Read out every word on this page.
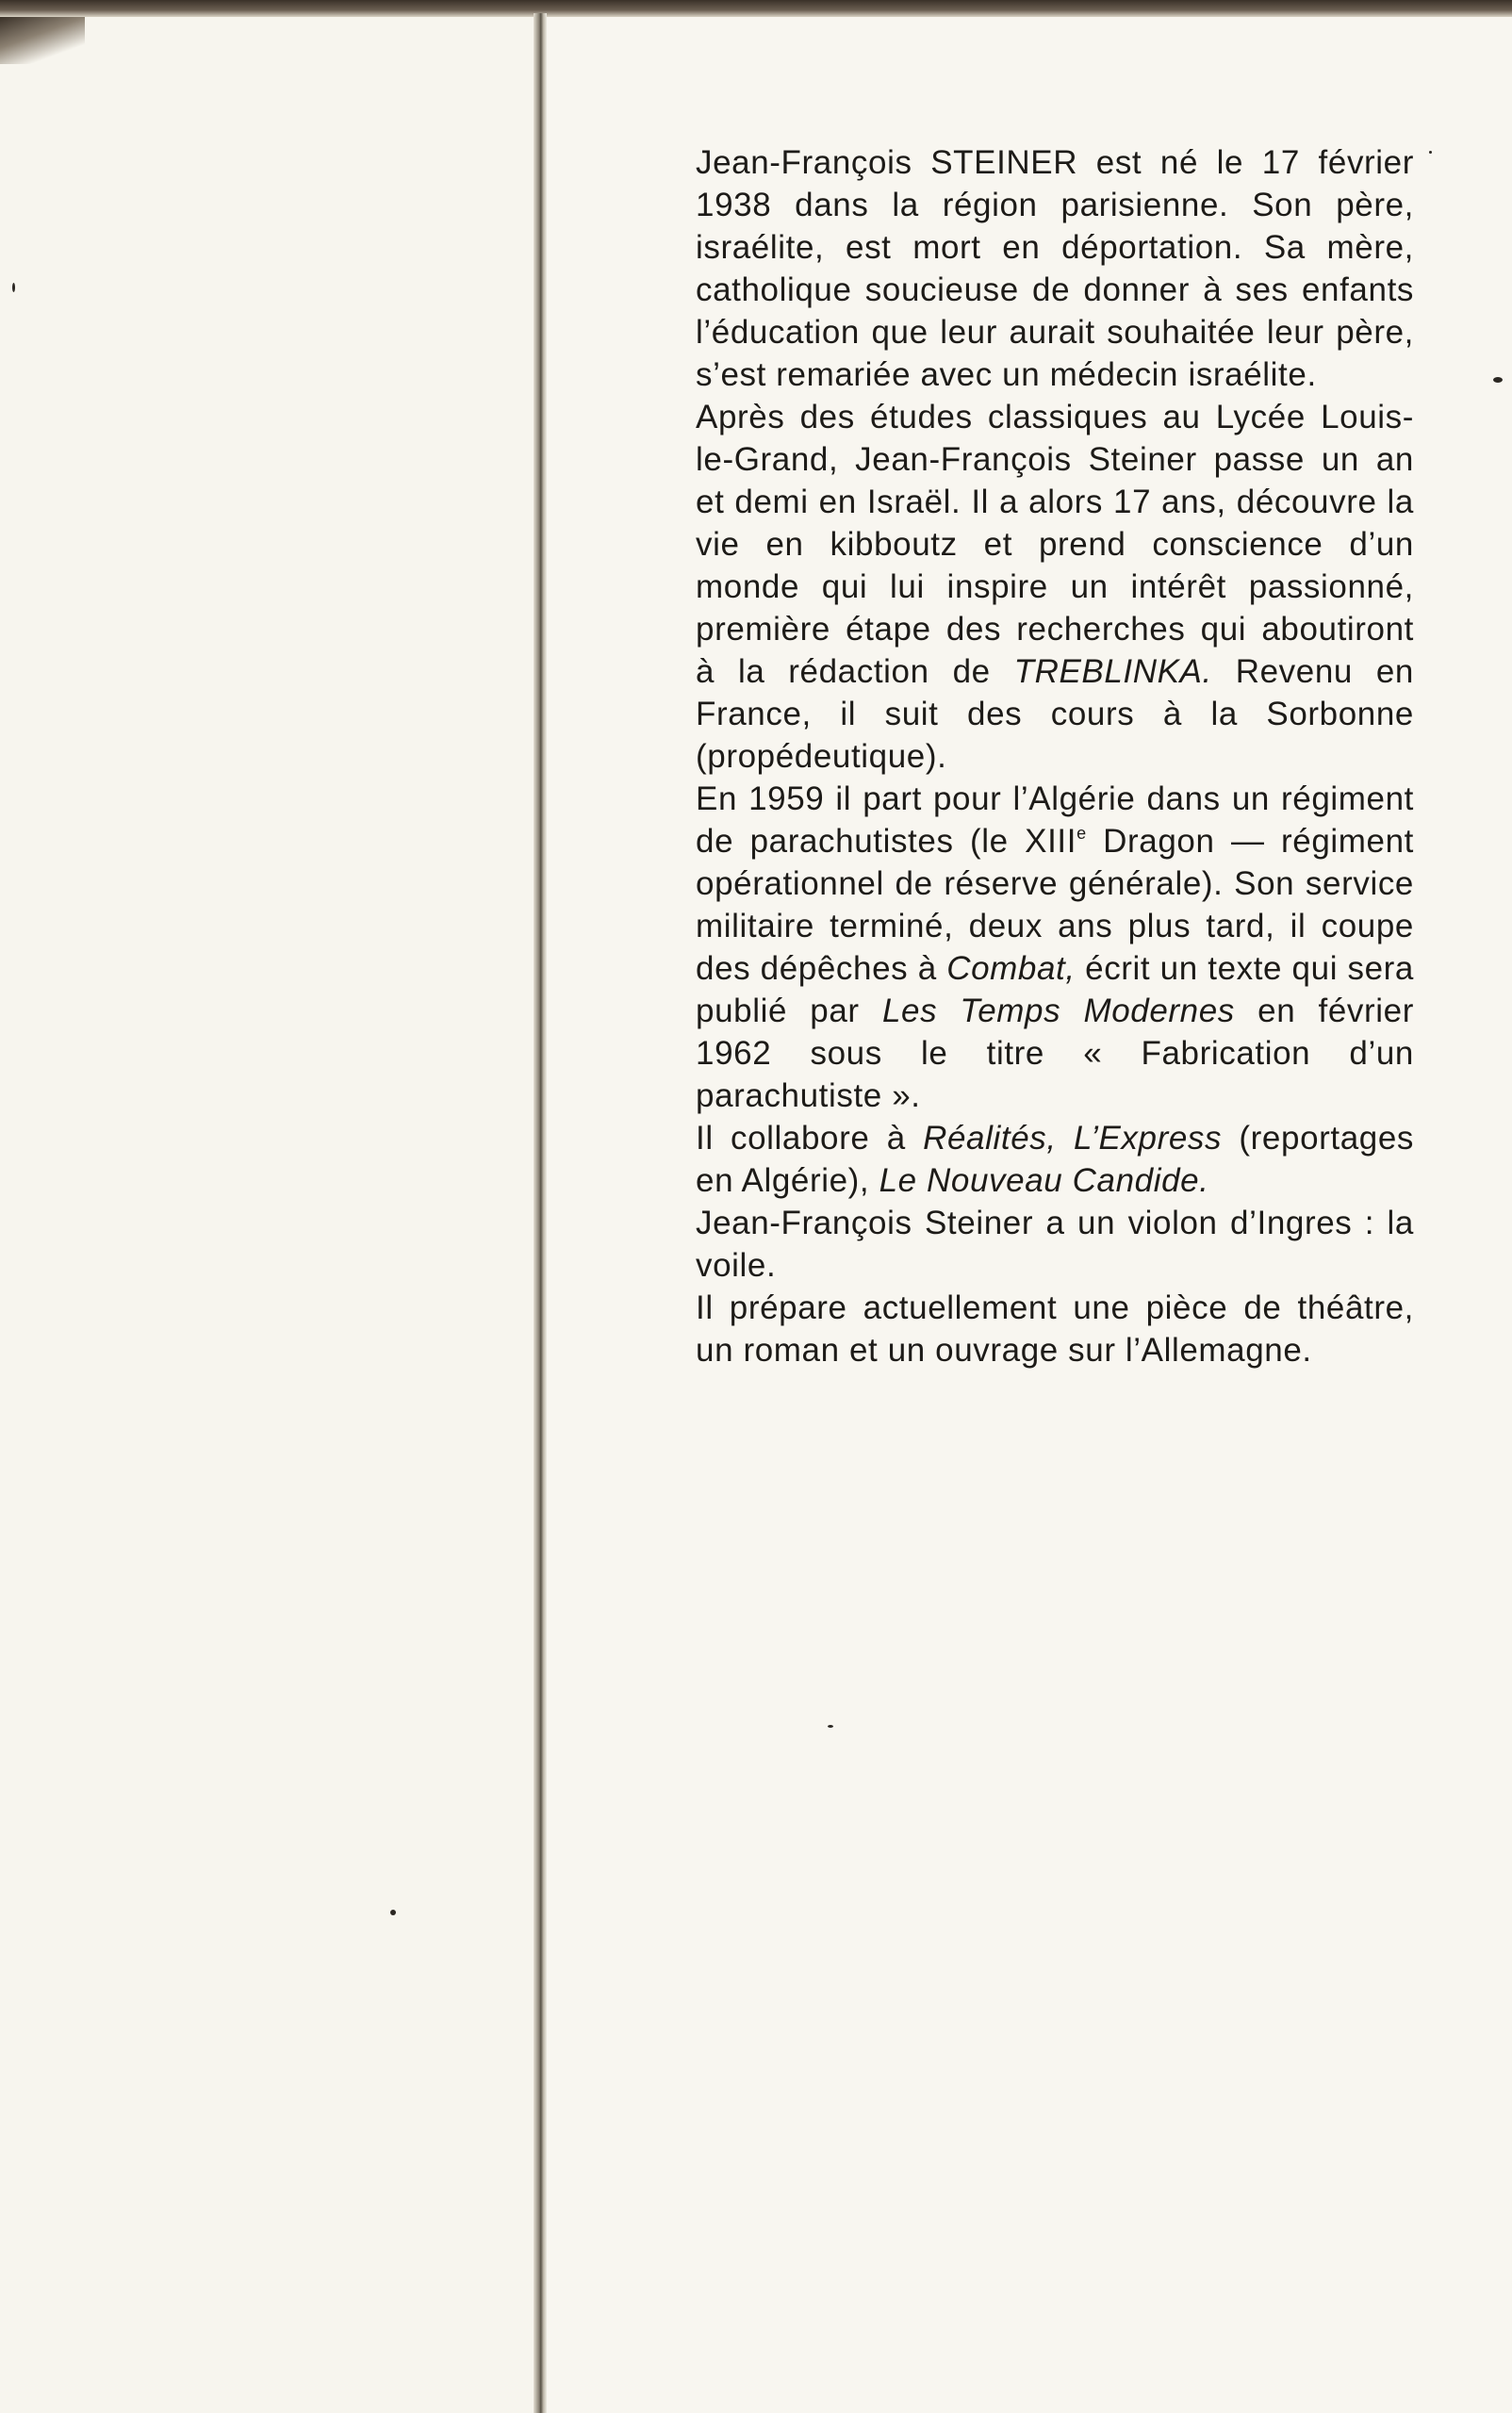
Jean-François STEINER est né le 17 février 1938 dans la région parisienne. Son père, israélite, est mort en déportation. Sa mère, catholique soucieuse de donner à ses enfants l’éducation que leur aurait souhaitée leur père, s’est remariée avec un médecin israélite.

Après des études classiques au Lycée Louis-le-Grand, Jean-François Steiner passe un an et demi en Israël. Il a alors 17 ans, découvre la vie en kibboutz et prend conscience d’un monde qui lui inspire un intérêt passionné, première étape des recherches qui aboutiront à la rédaction de TREBLINKA. Revenu en France, il suit des cours à la Sorbonne (propédeutique).

En 1959 il part pour l’Algérie dans un régiment de parachutistes (le XIIIe Dragon — régiment opérationnel de réserve générale). Son service militaire terminé, deux ans plus tard, il coupe des dépêches à Combat, écrit un texte qui sera publié par Les Temps Modernes en février 1962 sous le titre « Fabrication d’un parachutiste ».

Il collabore à Réalités, L’Express (reportages en Algérie), Le Nouveau Candide.

Jean-François Steiner a un violon d’Ingres : la voile.

Il prépare actuellement une pièce de théâtre, un roman et un ouvrage sur l’Allemagne.
